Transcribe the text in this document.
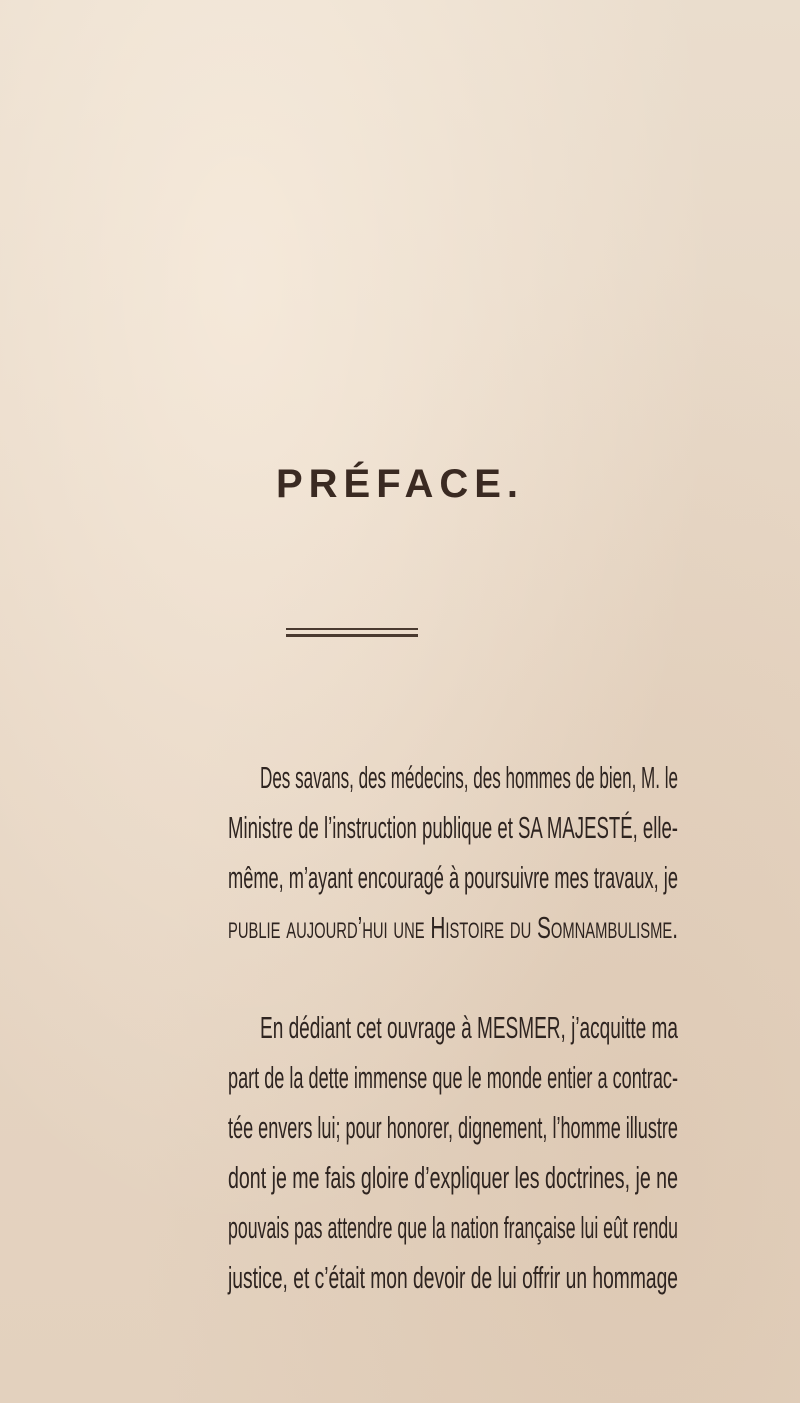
PRÉFACE.
Des savans, des médecins, des hommes de bien, M. le
Ministre de l’instruction publique et SA MAJESTÉ, elle-
même, m’ayant encouragé à poursuivre mes travaux, je
publie aujourd’hui une Histoire du Somnambulisme.
En dédiant cet ouvrage à MESMER, j’acquitte ma
part de la dette immense que le monde entier a contrac-
tée envers lui; pour honorer, dignement, l’homme illustre
dont je me fais gloire d’expliquer les doctrines, je ne
pouvais pas attendre que la nation française lui eût rendu
justice, et c’était mon devoir de lui offrir un hommage
